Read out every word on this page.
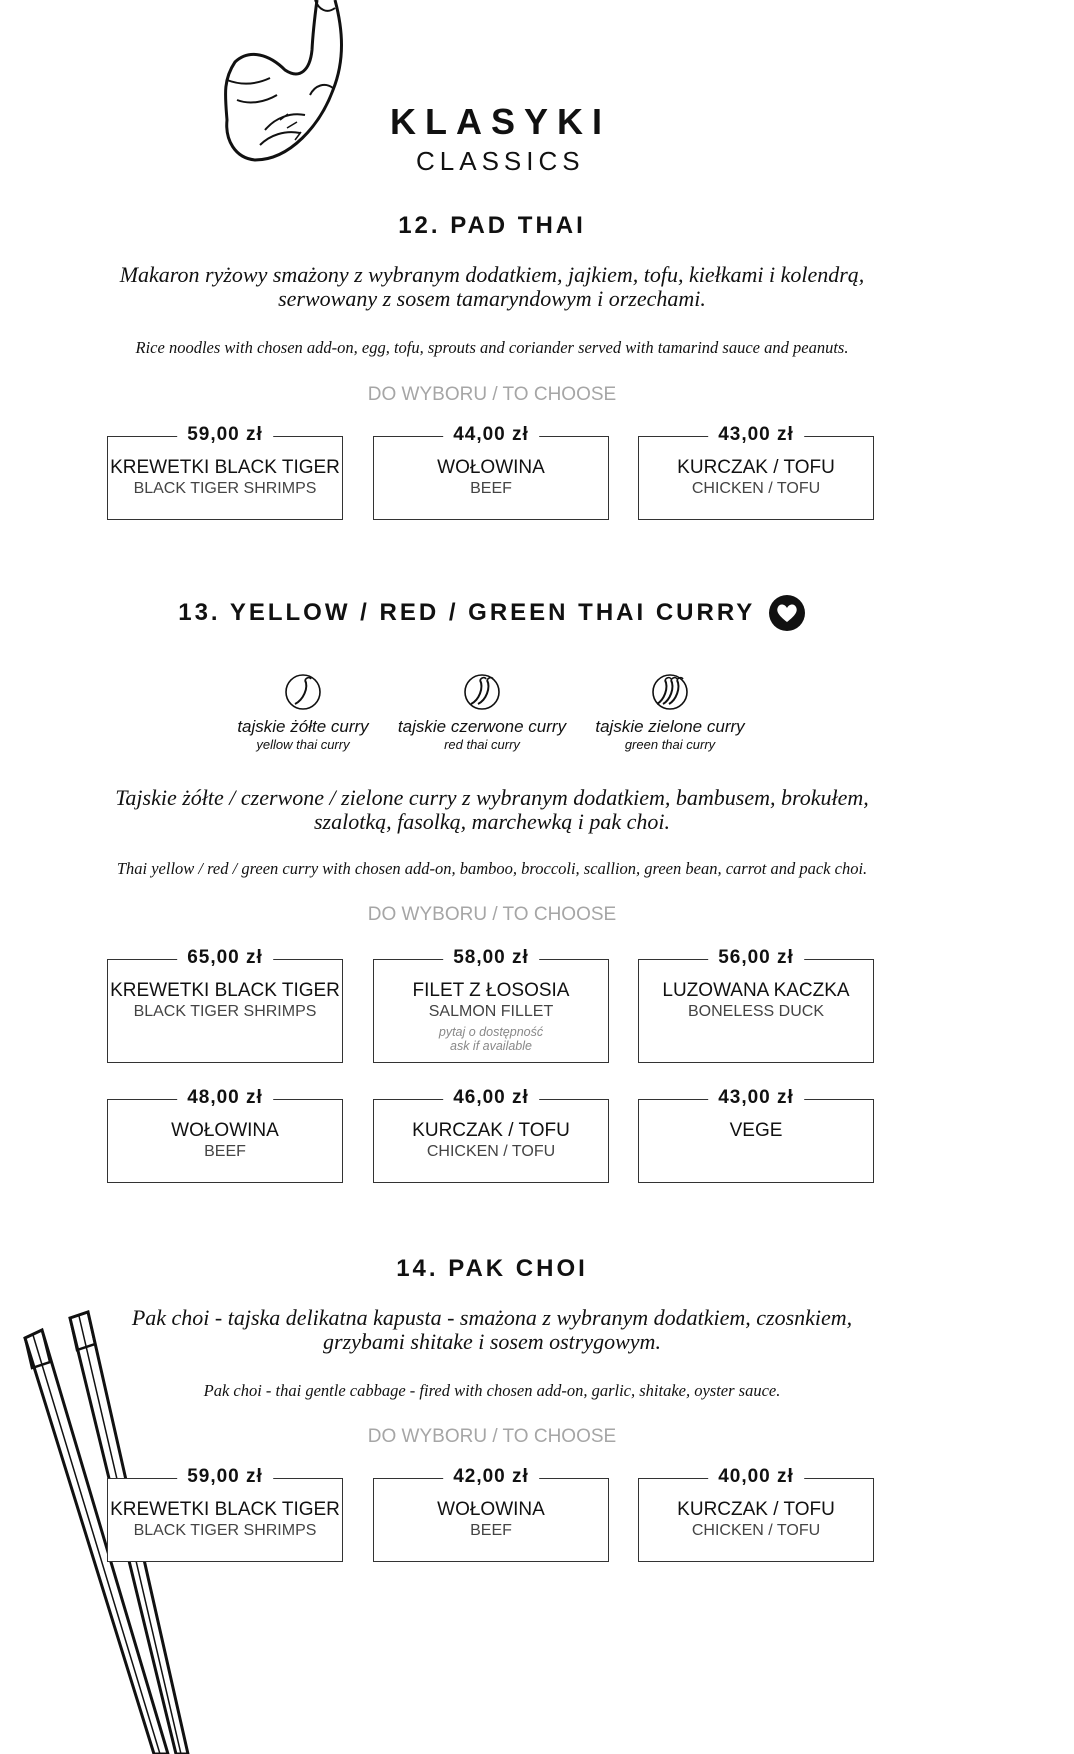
KLASYKI
CLASSICS
12. PAD THAI
Makaron ryżowy smażony z wybranym dodatkiem, jajkiem, tofu, kiełkami i kolendrą,
serwowany z sosem tamaryndowym i orzechami.
Rice noodles with chosen add-on, egg, tofu, sprouts and coriander served with tamarind sauce and peanuts.
DO WYBORU / TO CHOOSE
59,00 zł
KREWETKI BLACK TIGER
BLACK TIGER SHRIMPS
44,00 zł
WOŁOWINA
BEEF
43,00 zł
KURCZAK / TOFU
CHICKEN / TOFU
13. YELLOW / RED / GREEN THAI CURRY
tajskie żółte curry
yellow thai curry
tajskie czerwone curry
red thai curry
tajskie zielone curry
green thai curry
Tajskie żółte / czerwone / zielone curry z wybranym dodatkiem, bambusem, brokułem,
szalotką, fasolką, marchewką i pak choi.
Thai yellow / red / green curry with chosen add-on, bamboo, broccoli, scallion, green bean, carrot and pack choi.
DO WYBORU / TO CHOOSE
65,00 zł
KREWETKI BLACK TIGER
BLACK TIGER SHRIMPS
58,00 zł
FILET Z ŁOSOSIA
SALMON FILLET
pytaj o dostępność
ask if available
56,00 zł
LUZOWANA KACZKA
BONELESS DUCK
48,00 zł
WOŁOWINA
BEEF
46,00 zł
KURCZAK / TOFU
CHICKEN / TOFU
43,00 zł
VEGE
14. PAK CHOI
Pak choi - tajska delikatna kapusta - smażona z wybranym dodatkiem, czosnkiem,
grzybami shitake i sosem ostrygowym.
Pak choi - thai gentle cabbage - fired with chosen add-on, garlic, shitake, oyster sauce.
DO WYBORU / TO CHOOSE
59,00 zł
KREWETKI BLACK TIGER
BLACK TIGER SHRIMPS
42,00 zł
WOŁOWINA
BEEF
40,00 zł
KURCZAK / TOFU
CHICKEN / TOFU
